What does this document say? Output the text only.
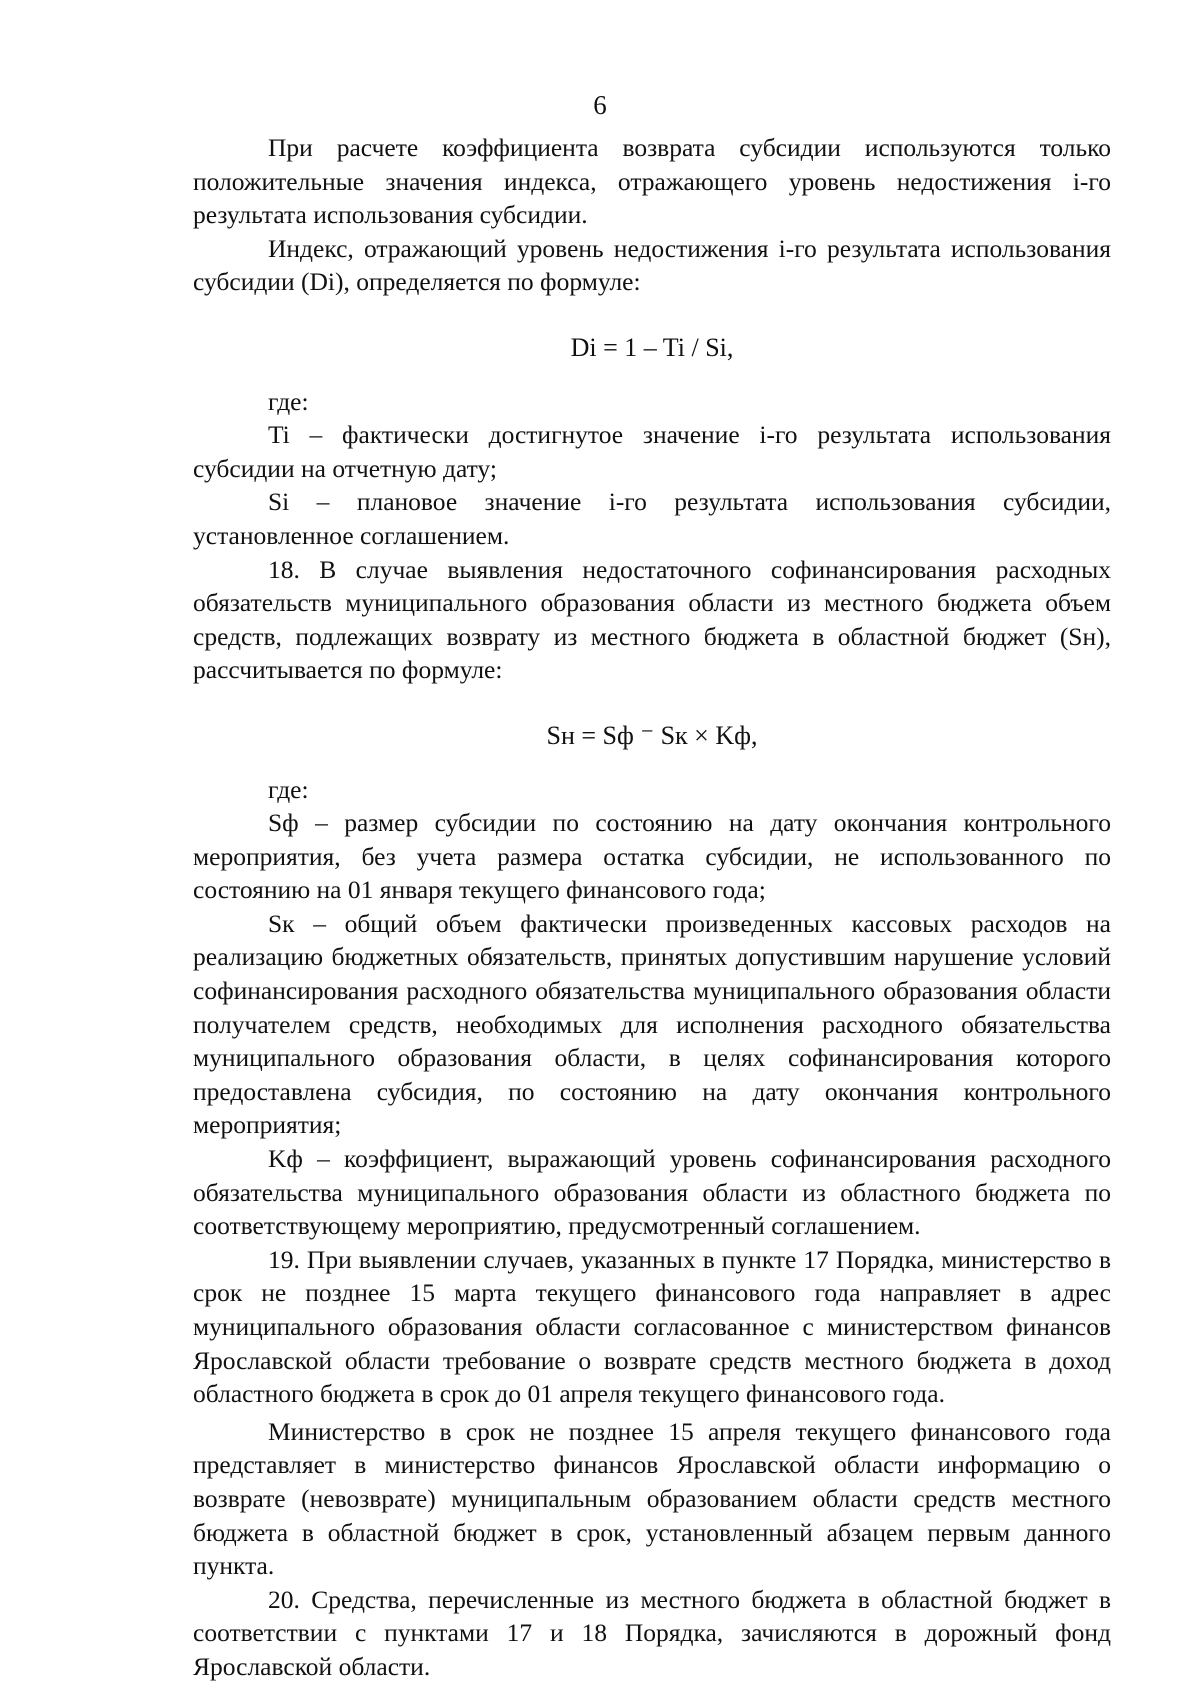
6

При расчете коэффициента возврата субсидии используются только положительные значения индекса, отражающего уровень недостижения i-го результата использования субсидии.

Индекс, отражающий уровень недостижения i-го результата использования субсидии (Di), определяется по формуле:

Di = 1 – Ti / Si,

где:

Ti – фактически достигнутое значение i-го результата использования субсидии на отчетную дату;

Si – плановое значение i-го результата использования субсидии, установленное соглашением.

18. В случае выявления недостаточного софинансирования расходных обязательств муниципального образования области из местного бюджета объем средств, подлежащих возврату из местного бюджета в областной бюджет (Sн), рассчитывается по формуле:

Sн = Sф ⁻ Sк × Kф,

где:

Sф – размер субсидии по состоянию на дату окончания контрольного мероприятия, без учета размера остатка субсидии, не использованного по состоянию на 01 января текущего финансового года;

Sк – общий объем фактически произведенных кассовых расходов на реализацию бюджетных обязательств, принятых допустившим нарушение условий софинансирования расходного обязательства муниципального образования области получателем средств, необходимых для исполнения расходного обязательства муниципального образования области, в целях софинансирования которого предоставлена субсидия, по состоянию на дату окончания контрольного мероприятия;

Kф – коэффициент, выражающий уровень софинансирования расходного обязательства муниципального образования области из областного бюджета по соответствующему мероприятию, предусмотренный соглашением.

19. При выявлении случаев, указанных в пункте 17 Порядка, министерство в срок не позднее 15 марта текущего финансового года направляет в адрес муниципального образования области согласованное с министерством финансов Ярославской области требование о возврате средств местного бюджета в доход областного бюджета в срок до 01 апреля текущего финансового года.

Министерство в срок не позднее 15 апреля текущего финансового года представляет в министерство финансов Ярославской области информацию о возврате (невозврате) муниципальным образованием области средств местного бюджета в областной бюджет в срок, установленный абзацем первым данного пункта.

20. Средства, перечисленные из местного бюджета в областной бюджет в соответствии с пунктами 17 и 18 Порядка, зачисляются в дорожный фонд Ярославской области.
